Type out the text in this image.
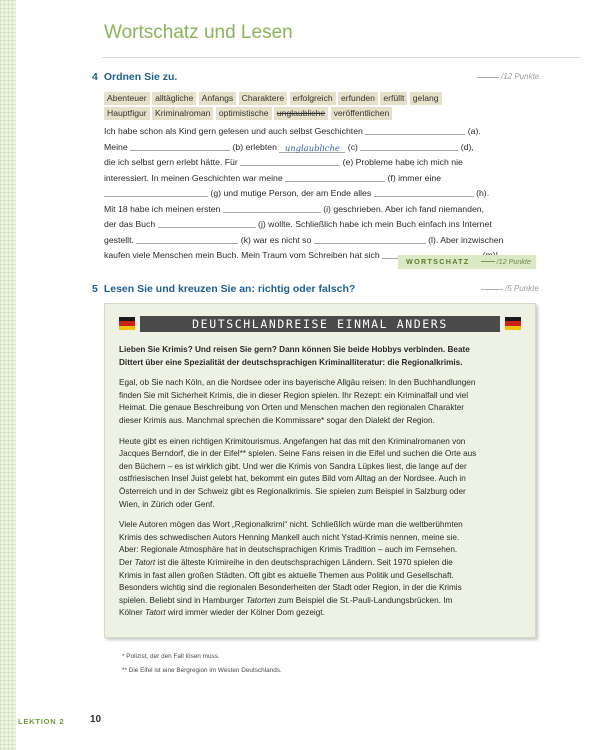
Wortschatz und Lesen
4 Ordnen Sie zu.	/12 Punkte
Abenteuer alltägliche Anfangs Charaktere erfolgreich erfunden erfüllt gelang Hauptfigur Kriminalroman optimistische unglaubliche veröffentlichen

Ich habe schon als Kind gern gelesen und auch selbst Geschichten	(a).

Meine	(b) erlebten unglaubliche (c)	(d),

die ich selbst gern erlebt hätte. Für	(e) Probleme habe ich mich nie

interessiert. In meinen Geschichten war meine	(f) immer eine

(g) und mutige Person, der am Ende alles	(h).

Mit 18 habe ich meinen ersten	(i) geschrieben. Aber ich fand niemanden,

der das Buch	(j) wollte. Schließlich habe ich mein Buch einfach ins Internet

gestellt.	(k) war es nicht so	(l). Aber inzwischen

kaufen viele Menschen mein Buch. Mein Traum vom Schreiben hat sich

WORTSCHATZ	/12 Punkte
5 Lesen Sie und kreuzen Sie an: richtig oder falsch?	/5 Punkte
DEUTSCHLANDREISE EINMAL ANDERS

Lieben Sie Krimis? Und reisen Sie gern? Dann können Sie beide Hobbys verbinden. Beate
Dittert über eine Spezialität der deutschsprachigen Kriminalliteratur: die Regionalkrimis.

Egal, ob Sie nach Köln, an die Nordsee oder ins bayerische Allgäu reisen: In den Buchhandlungen
finden Sie mit Sicherheit Krimis, die in dieser Region spielen. Ihr Rezept: ein Kriminalfall und viel
Heimat. Die genaue Beschreibung von Orten und Menschen machen den regionalen Charakter
dieser Krimis aus. Manchmal sprechen die Kommissare* sogar den Dialekt der Region.

Heute gibt es einen richtigen Krimitourismus. Angefangen hat das mit den Kriminalromanen von
Jacques Berndorf, die in der Eifel** spielen. Seine Fans reisen in die Eifel und suchen die Orte aus
den Büchern – es ist wirklich gibt. Und wer die Krimis von Sandra Lüpkes liest, die lange auf der
ostfriesischen Insel Juist gelebt hat, bekommt ein gutes Bild vom Alltag an der Nordsee. Auch in
Österreich und in der Schweiz gibt es Regionalkrimis. Sie spielen zum Beispiel in Salzburg oder
Wien, in Zürich oder Genf.

Viele Autoren mögen das Wort „Regionalkrimi“ nicht. Schließlich würde man die weltberühmten
Krimis des schwedischen Autors Henning Mankell auch nicht Ystad-Krimis nennen, meine sie.
Aber: Regionale Atmosphäre hat in deutschsprachigen Krimis Tradition – auch im Fernsehen.
Der Tatort ist die älteste Krimireihe in den deutschsprachigen Ländern. Seit 1970 spielen die
Krimis in fast allen großen Städten. Oft gibt es aktuelle Themen aus Politik und Gesellschaft.
Besonders wichtig sind die regionalen Besonderheiten der Stadt oder Region, in der die Krimis
spielen. Beliebt sind in Hamburger Tatorten zum Beispiel die St.-Pauli-Landungsbrücken. Im
Kölner Tatort wird immer wieder der Kölner Dom gezeigt.

* Polizist, der den Fall lösen muss.
** Die Eifel ist eine Bergregion im Westen Deutschlands.
LEKTION 2	10
